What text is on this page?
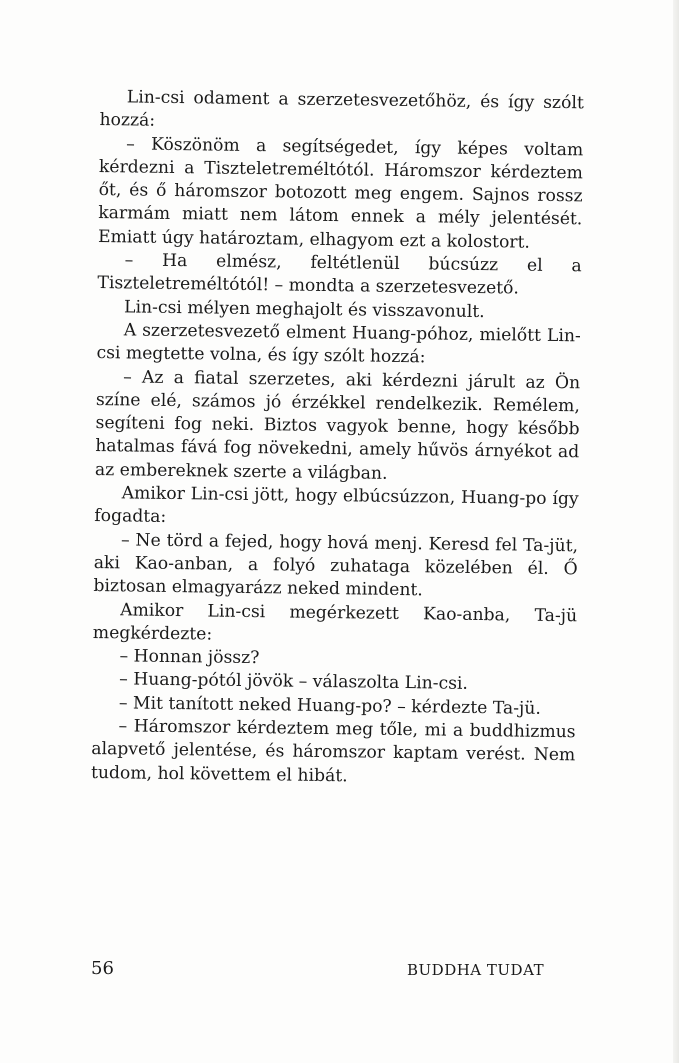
Lin-csi odament a szerzetesvezetőhöz, és így szólt hozzá:

– Köszönöm a segítségedet, így képes voltam kérdezni a Tiszteletreméltótól. Háromszor kérdeztem őt, és ő háromszor botozott meg engem. Sajnos rossz karmám miatt nem látom ennek a mély jelentését. Emiatt úgy határoztam, elhagyom ezt a kolostort.

– Ha elmész, feltétlenül búcsúzz el a Tiszteletreméltótól! – mondta a szerzetesvezető.

Lin-csi mélyen meghajolt és visszavonult.

A szerzetesvezető elment Huang-póhoz, mielőtt Lin-csi megtette volna, és így szólt hozzá:

– Az a fiatal szerzetes, aki kérdezni járult az Ön színe elé, számos jó érzékkel rendelkezik. Remélem, segíteni fog neki. Biztos vagyok benne, hogy később hatalmas fává fog növekedni, amely hűvös árnyékot ad az embereknek szerte a világban.

Amikor Lin-csi jött, hogy elbúcsúzzon, Huang-po így fogadta:

– Ne törd a fejed, hogy hová menj. Keresd fel Ta-jüt, aki Kao-anban, a folyó zuhataga közelében él. Ő biztosan elmagyarázz neked mindent.

Amikor Lin-csi megérkezett Kao-anba, Ta-jü megkérdezte:

– Honnan jössz?

– Huang-pótól jövök – válaszolta Lin-csi.

– Mit tanított neked Huang-po? – kérdezte Ta-jü.

– Háromszor kérdeztem meg tőle, mi a buddhizmus alapvető jelentése, és háromszor kaptam verést. Nem tudom, hol követtem el hibát.

56	BUDDHA TUDAT
